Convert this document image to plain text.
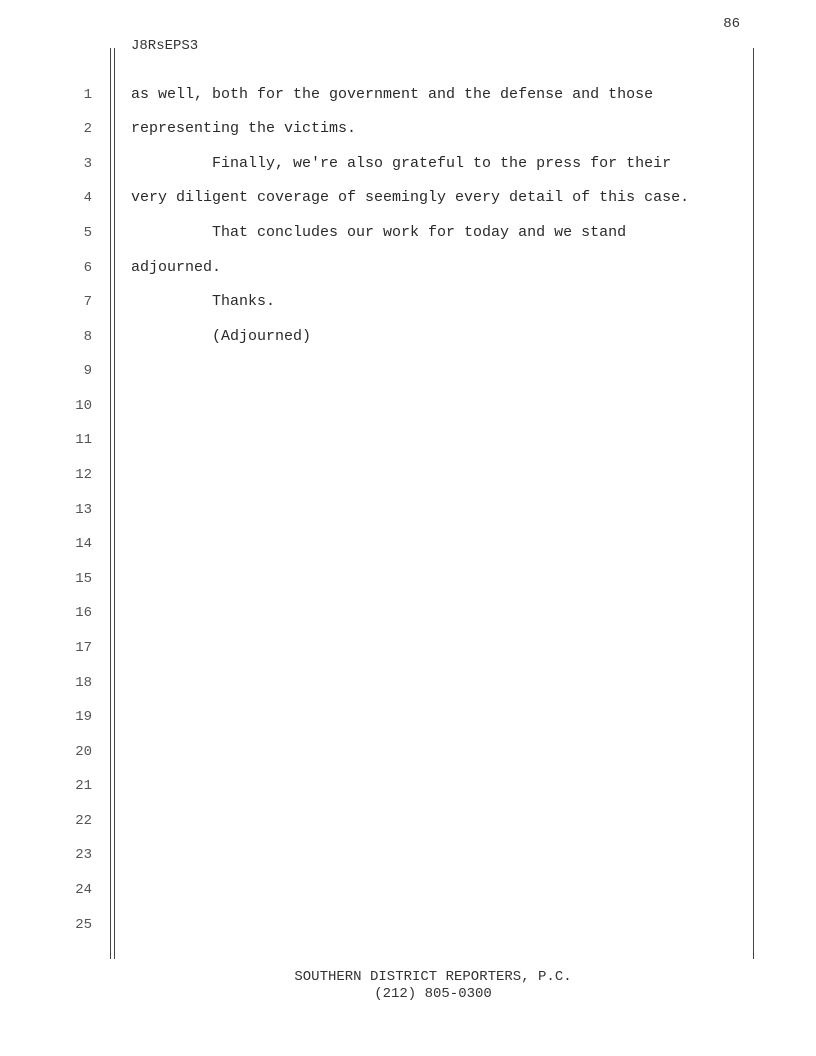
86
J8RsEPS3
1	as well, both for the government and the defense and those
2	representing the victims.
3	Finally, we're also grateful to the press for their
4	very diligent coverage of seemingly every detail of this case.
5	That concludes our work for today and we stand
6	adjourned.
7	Thanks.
8	(Adjourned)
9
10
11
12
13
14
15
16
17
18
19
20
21
22
23
24
25
SOUTHERN DISTRICT REPORTERS, P.C.
(212) 805-0300
